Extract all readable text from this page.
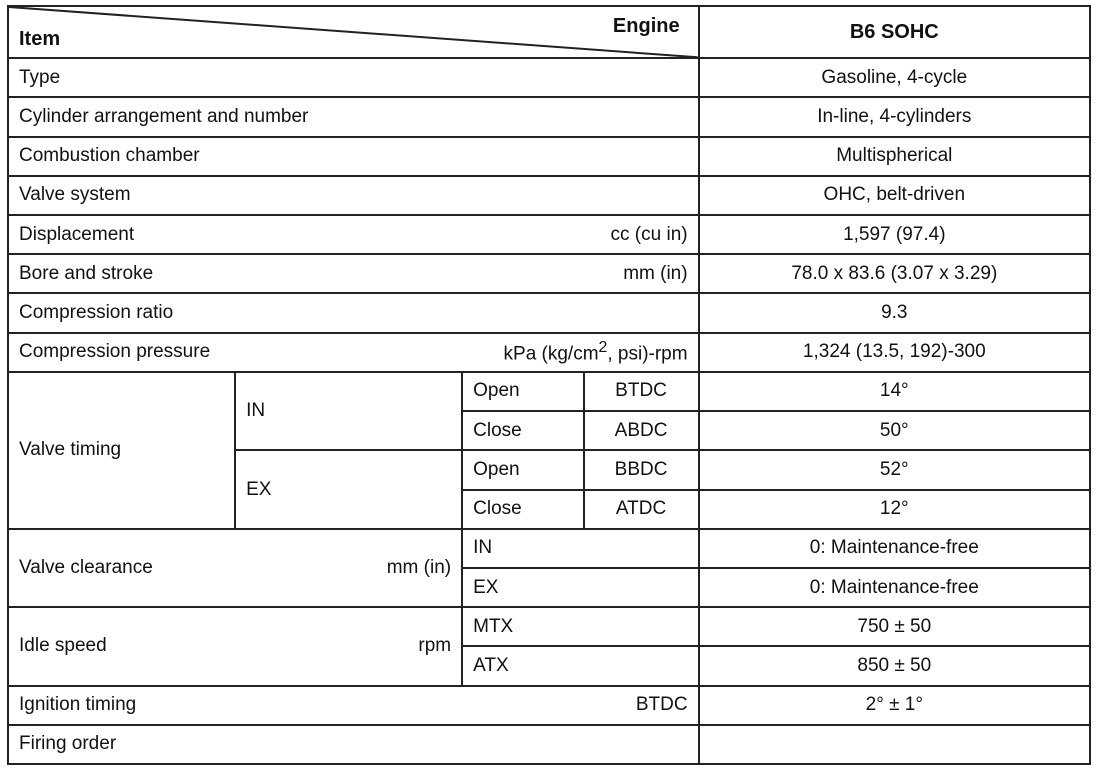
Item
Engine				B6 SOHC
Type				Gasoline, 4-cycle
Cylinder arrangement and number				In-line, 4-cylinders
Combustion chamber				Multispherical
Valve system				OHC, belt-driven

Displacement cc (cu in)				1,597 (97.4)

Bore and stroke mm (in)				78.0 x 83.6 (3.07 x 3.29)
Compression ratio				9.3

Compression pressure kPa ($kg/cm^2$, psi)-rpm				1,324 (13.5, 192)-300
Valve timing	IN	Open	BTDC	14°
		Close	ABDC	50°
	EX	Open	BBDC	52°
		Close	ATDC	12°

Valve clearance mm (in)		IN		0: Maintenance-free
		EX		0: Maintenance-free

Idle speed rpm		MTX		750 ± 50
		ATX		850 ± 50

Ignition timing BTDC				2° ± 1°
Firing order				
